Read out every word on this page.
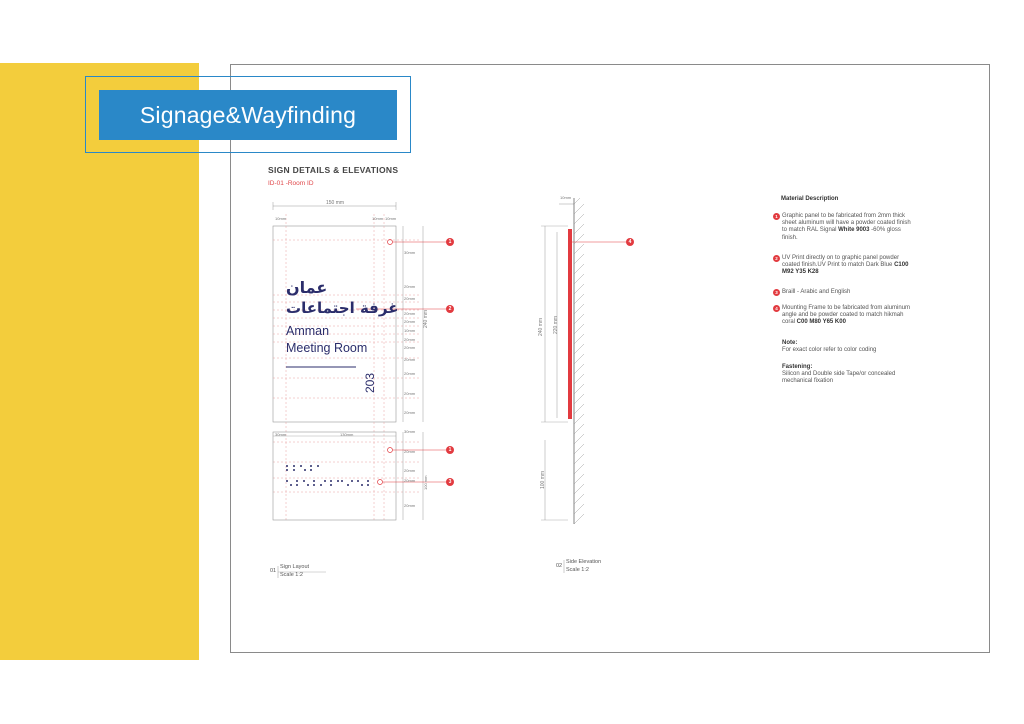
Signage&Wayfinding
SIGN DETAILS & ELEVATIONS
ID-01 -Room ID
150 mm
10mm	10mm 10mm
240 mm
30mm
20mm
20mm
20mm
20mm
10mm
20mm
20mm
20mm
20mm
20mm
20mm
30mm	130mm
30mm
20mm
20mm
20mm
20mm
100 mm
10mm
240 mm 220 mm
100 mm
عمان
غرفة اجتماعات
Amman
Meeting Room
203
1
2
1
3
4
01
Sign Layout
Scale 1:2
02
Side Elevation
Scale 1:2
Material Description
1 Graphic panel to be fabricated from 2mm thick sheet aluminum will have a powder coated finish to match RAL Signal White 9003 -60% gloss finish.
2 UV Print directly on to graphic panel powder coated finish.UV Print to match Dark Blue C100 M92 Y35 K28
3 Braill - Arabic and English
4 Mounting Frame to be fabricated from aluminum angle and be powder coated to match hikmah coral C00 M80 Y65 K00
Note:
For exact color refer to color coding
Fastening:
Silicon and Double side Tape/or concealed mechanical fixation
